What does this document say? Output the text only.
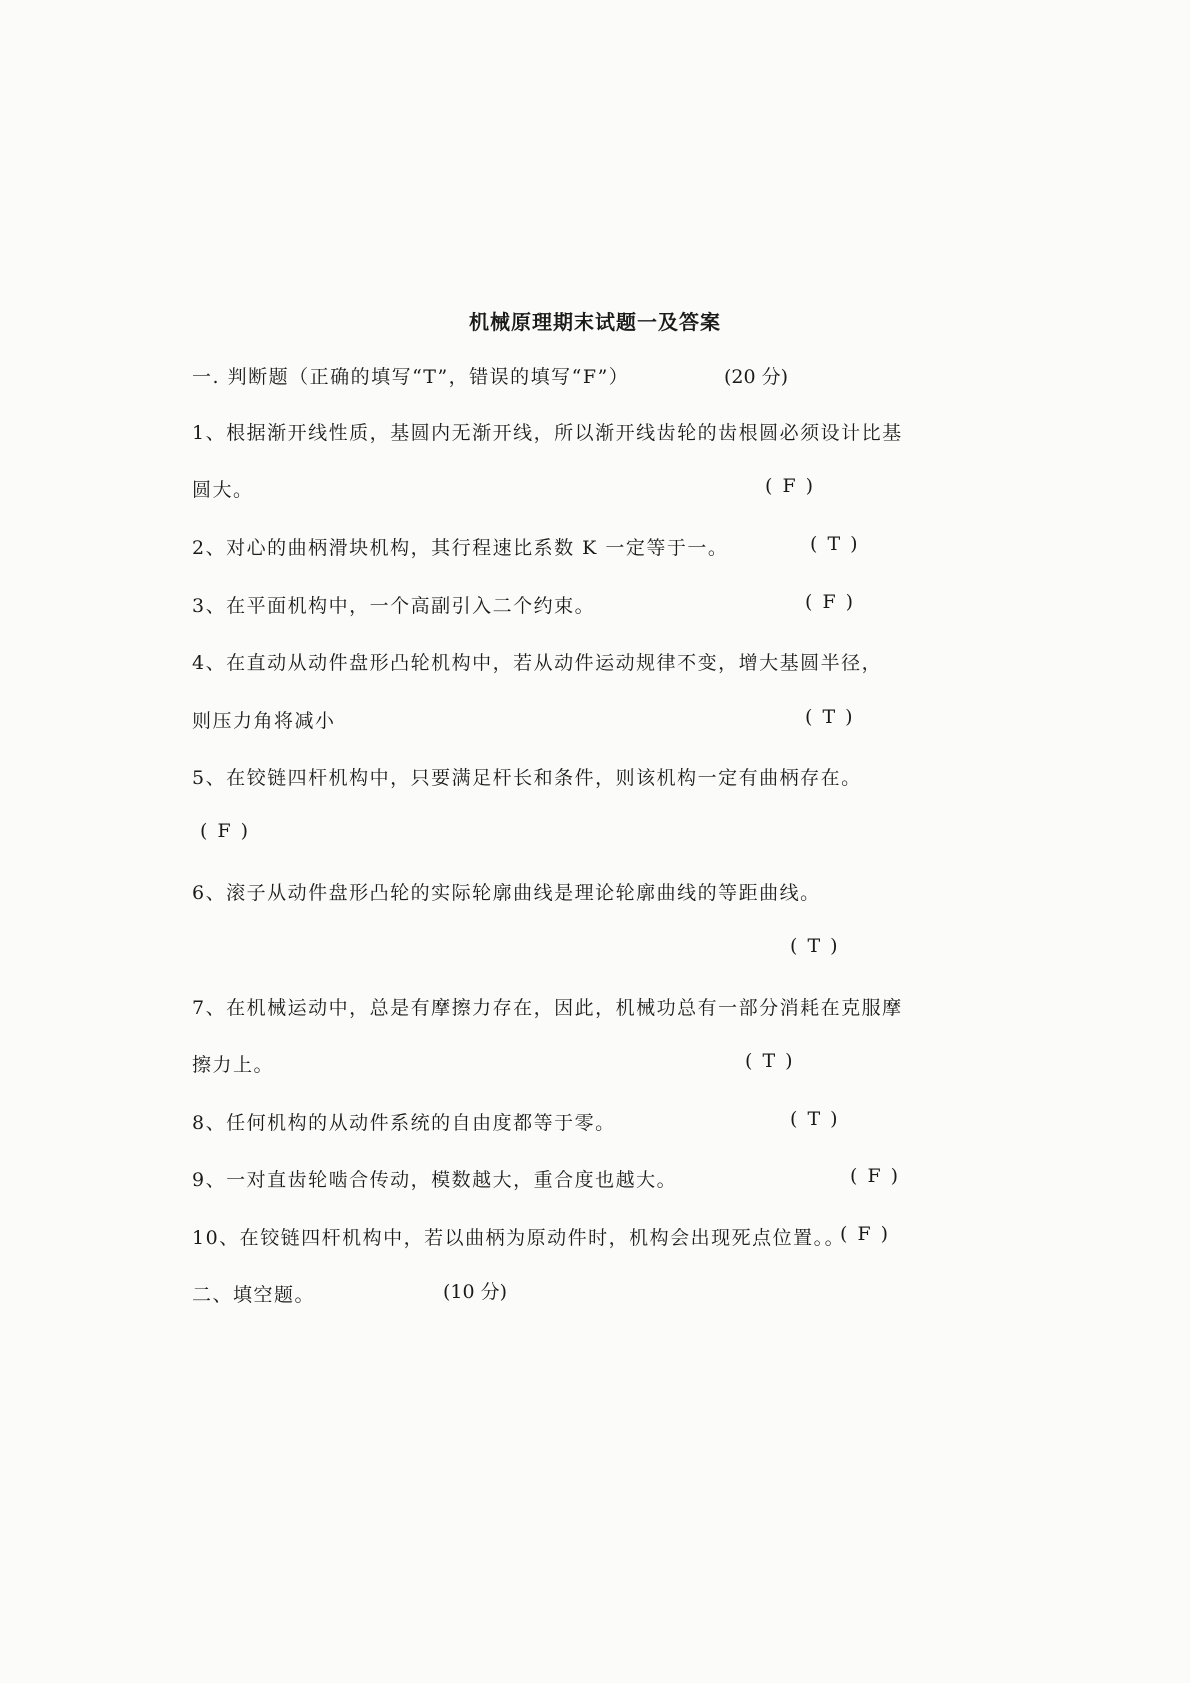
机械原理期末试题一及答案
一. 判断题（正确的填写“T”，错误的填写“F”）	(20 分)
1、根据渐开线性质，基圆内无渐开线，所以渐开线齿轮的齿根圆必须设计比基
圆大。	( F )
2、对心的曲柄滑块机构，其行程速比系数 K 一定等于一。	( T )
3、在平面机构中，一个高副引入二个约束。	( F )
4、在直动从动件盘形凸轮机构中，若从动件运动规律不变，增大基圆半径，
则压力角将减小	( T )
5、在铰链四杆机构中，只要满足杆长和条件，则该机构一定有曲柄存在。
( F )
6、滚子从动件盘形凸轮的实际轮廓曲线是理论轮廓曲线的等距曲线。
( T )
7、在机械运动中，总是有摩擦力存在，因此，机械功总有一部分消耗在克服摩
擦力上。	( T )
8、任何机构的从动件系统的自由度都等于零。	( T )
9、一对直齿轮啮合传动，模数越大，重合度也越大。	( F )
10、在铰链四杆机构中，若以曲柄为原动件时，机构会出现死点位置。。
( F )
二、填空题。	(10 分)
